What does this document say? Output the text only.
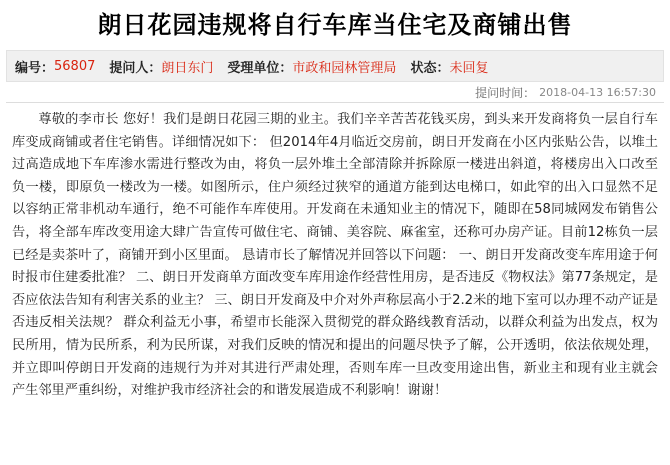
朗日花园违规将自行车库当住宅及商铺出售
编号： 56807 提问人： 朗日东门 受理单位： 市政和园林管理局 状态： 未回复
提问时间： 2018-04-13 16:57:30
尊敬的李市长 您好！我们是朗日花园三期的业主。我们辛辛苦苦花钱买房，到头来开发商将负一层自行车库变成商铺或者住宅销售。详细情况如下： 但2014年4月临近交房前，朗日开发商在小区内张贴公告，以堆土过高造成地下车库渗水需进行整改为由，将负一层外堆土全部清除并拆除原一楼进出斜道，将楼房出入口改至负一楼，即原负一楼改为一楼。如图所示，住户须经过狭窄的通道方能到达电梯口，如此窄的出入口显然不足以容纳正常非机动车通行，绝不可能作车库使用。开发商在未通知业主的情况下，随即在58同城网发布销售公告，将全部车库改变用途大肆广告宣传可做住宅、商铺、美容院、麻雀室，还称可办房产证。目前12栋负一层已经是卖茶叶了，商铺开到小区里面。 恳请市长了解情况并回答以下问题： 一、朗日开发商改变车库用途于何时报市住建委批准？ 二、朗日开发商单方面改变车库用途作经营性用房，是否违反《物权法》第77条规定，是否应依法告知有利害关系的业主？ 三、朗日开发商及中介对外声称层高小于2.2米的地下室可以办理不动产证是否违反相关法规？ 群众利益无小事，希望市长能深入贯彻党的群众路线教育活动，以群众利益为出发点，权为民所用，情为民所系，利为民所谋，对我们反映的情况和提出的问题尽快予了解，公开透明，依法依规处理，并立即叫停朗日开发商的违规行为并对其进行严肃处理，否则车库一旦改变用途出售，新业主和现有业主就会产生邻里严重纠纷，对维护我市经济社会的和谐发展造成不利影响！谢谢！
